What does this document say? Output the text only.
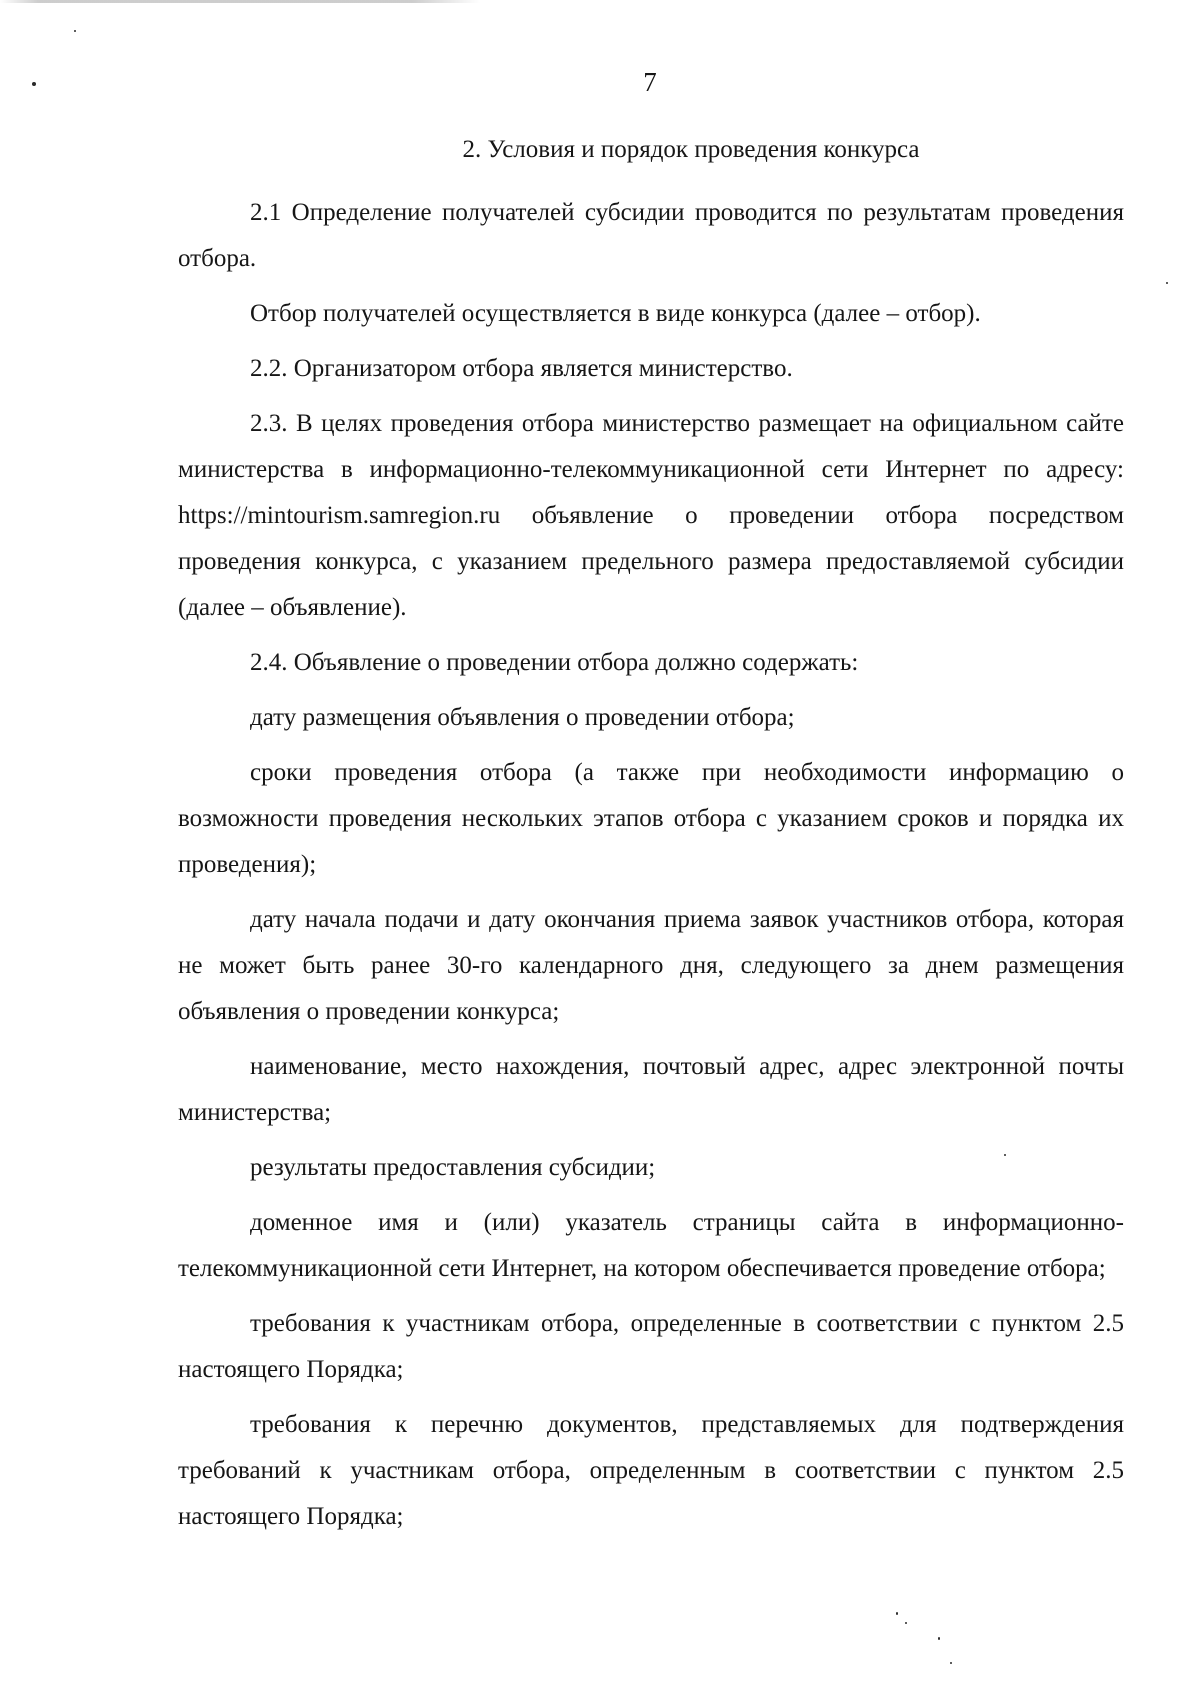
7
2. Условия и порядок проведения конкурса

2.1 Определение получателей субсидии проводится по результатам проведения отбора.

Отбор получателей осуществляется в виде конкурса (далее – отбор).

2.2. Организатором отбора является министерство.

2.3. В целях проведения отбора министерство размещает на официальном сайте министерства в информационно-телекоммуникационной сети Интернет по адресу: https://mintourism.samregion.ru объявление о проведении отбора посредством проведения конкурса, с указанием предельного размера предоставляемой субсидии (далее – объявление).

2.4. Объявление о проведении отбора должно содержать:

дату размещения объявления о проведении отбора;

сроки проведения отбора (а также при необходимости информацию о возможности проведения нескольких этапов отбора с указанием сроков и порядка их проведения);

дату начала подачи и дату окончания приема заявок участников отбора, которая не может быть ранее 30-го календарного дня, следующего за днем размещения объявления о проведении конкурса;

наименование, место нахождения, почтовый адрес, адрес электронной почты министерства;

результаты предоставления субсидии;

доменное имя и (или) указатель страницы сайта в информационно-телекоммуникационной сети Интернет, на котором обеспечивается проведение отбора;

требования к участникам отбора, определенные в соответствии с пунктом 2.5 настоящего Порядка;

требования к перечню документов, представляемых для подтверждения требований к участникам отбора, определенным в соответствии с пунктом 2.5 настоящего Порядка;
